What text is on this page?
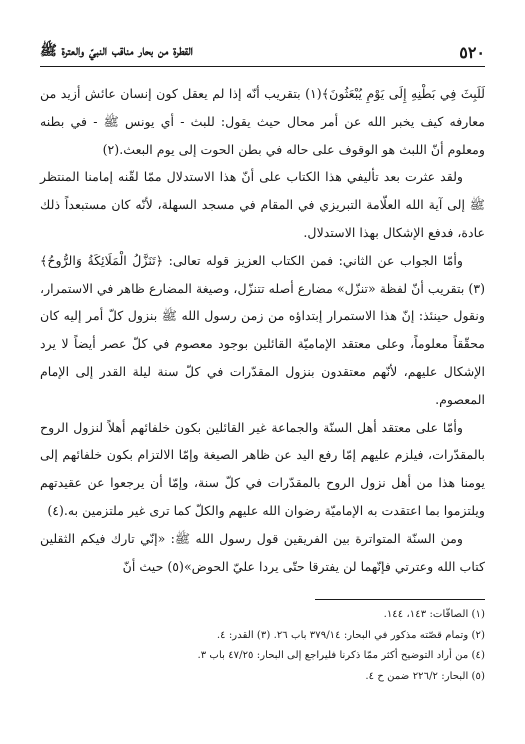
٥٢٠
القطرة من بحار مناقب النبيّ والعترة ﷺ

لَلَبِثَ فِي بَطْنِهِ إِلَى يَوْمِ يُبْعَثُونَ﴾(١) بتقريب أنّه إذا لم يعقل كون إنسان عائش أزيد من معارفه كيف يخبر الله عن أمر محال حيث يقول: للبث - أي يونس ﷺ - في بطنه ومعلوم أنّ اللبث هو الوقوف على حاله في بطن الحوت إلى يوم البعث.(٢)

ولقد عثرت بعد تأليفي هذا الكتاب على أنّ هذا الاستدلال ممّا لقّنه إمامنا المنتظر ﷺ إلى آية الله العلّامة التبريزي في المقام في مسجد السهلة، لأنّه كان مستبعداً ذلك عادة، فدفع الإشكال بهذا الاستدلال.

وأمّا الجواب عن الثاني: فمن الكتاب العزيز قوله تعالى: ﴿تَنَزَّلُ الْمَلَائِكَةُ وَالرُّوحُ﴾(٣) بتقريب أنّ لفظة «تنزّل» مضارع أصله تتنزّل، وصيغة المضارع ظاهر في الاستمرار، ونقول حينئذ: إنّ هذا الاستمرار إبتداؤه من زمن رسول الله ﷺ بنزول كلّ أمر إليه كان محقّقاً معلوماً، وعلى معتقد الإماميّة القائلين بوجود معصوم في كلّ عصر أيضاً لا يرد الإشكال عليهم، لأنّهم معتقدون بنزول المقدّرات في كلّ سنة ليلة القدر إلى الإمام المعصوم.

وأمّا على معتقد أهل السنّة والجماعة غير القائلين بكون خلفائهم أهلاً لنزول الروح بالمقدّرات، فيلزم عليهم إمّا رفع اليد عن ظاهر الصيغة وإمّا الالتزام بكون خلفائهم إلى يومنا هذا من أهل نزول الروح بالمقدّرات في كلّ سنة، وإمّا أن يرجعوا عن عقيدتهم ويلتزموا بما اعتقدت به الإماميّة رضوان الله عليهم والكلّ كما ترى غير ملتزمين به.(٤)

ومن السنّة المتواترة بين الفريقين قول رسول الله ﷺ: «إنّي تارك فيكم الثقلين كتاب الله وعترتي فإنّهما لن يفترقا حتّى يردا عليّ الحوض»(٥) حيث أنّ

(١) الصافّات: ١٤٣، ١٤٤.
(٢) وتمام قصّته مذكور في البحار: ٣٧٩/١٤ باب ٢٦. (٣) القدر: ٤.
(٤) من أراد التوضيح أكثر ممّا ذكرنا فليراجع إلى البحار: ٤٧/٢٥ باب ٣.
(٥) البحار: ٢٢٦/٢ ضمن ح ٤.
